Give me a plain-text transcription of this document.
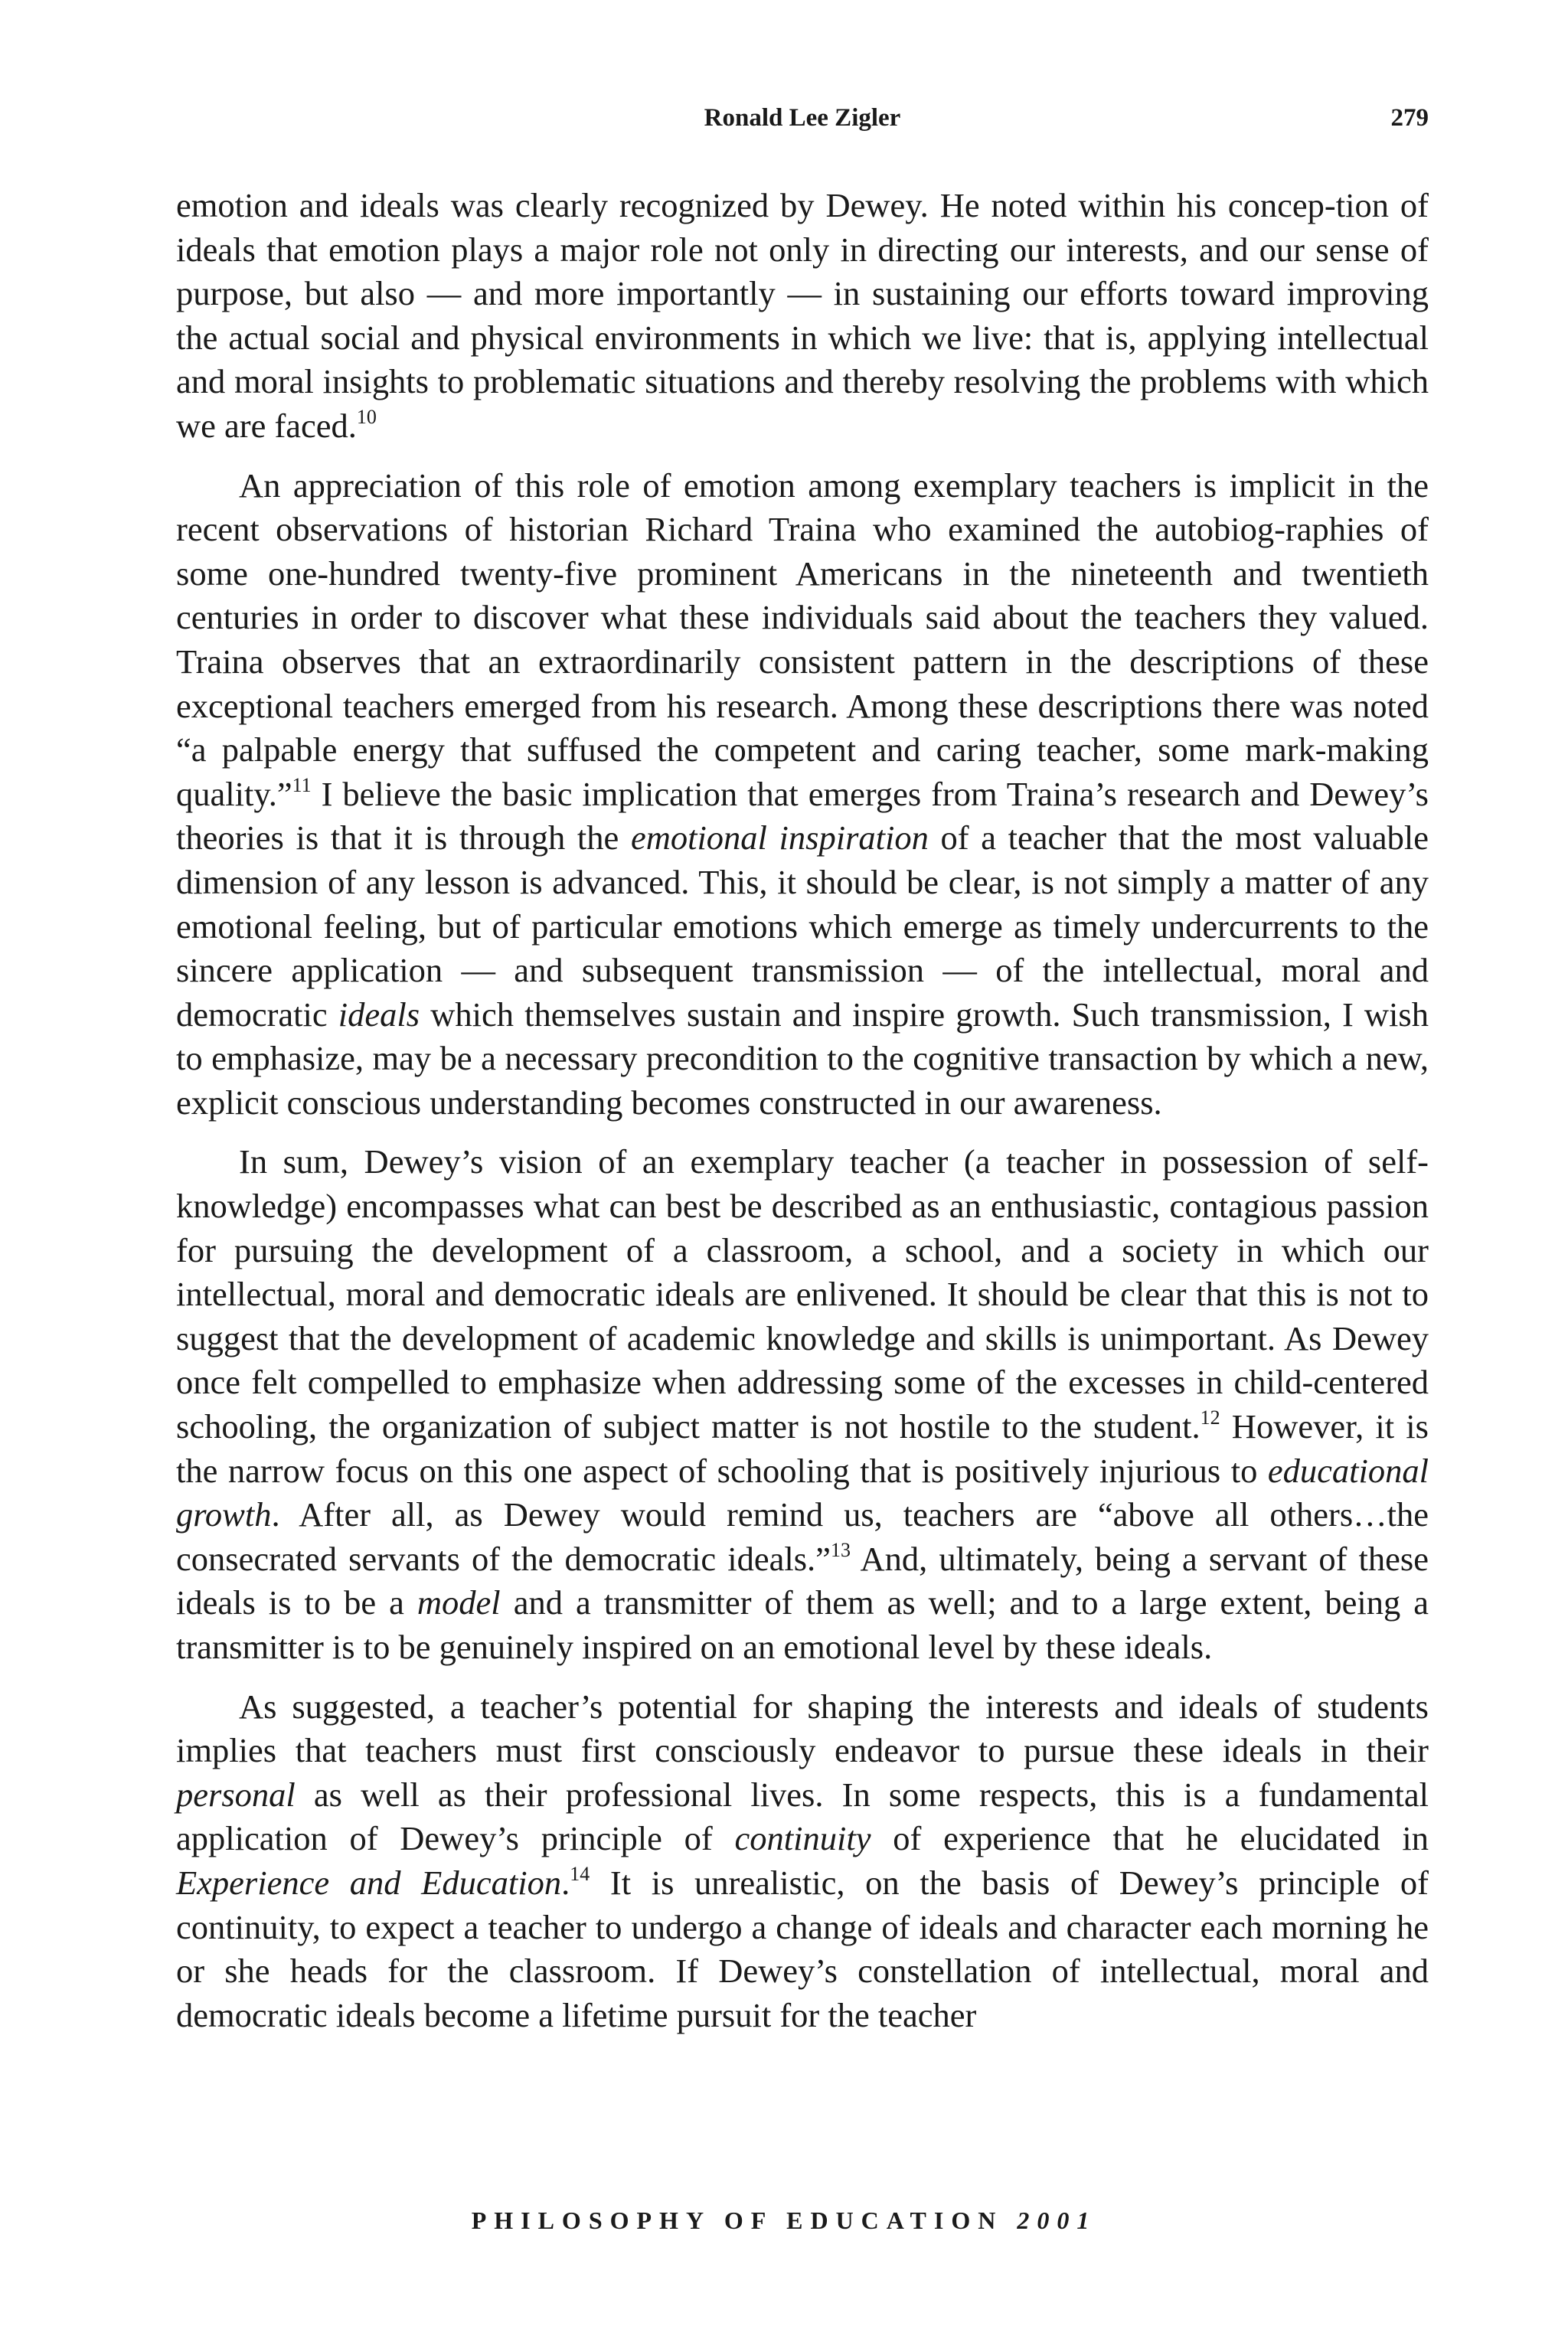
Ronald Lee Zigler	279

emotion and ideals was clearly recognized by Dewey. He noted within his concep-tion of ideals that emotion plays a major role not only in directing our interests, and our sense of purpose, but also — and more importantly — in sustaining our efforts toward improving the actual social and physical environments in which we live: that is, applying intellectual and moral insights to problematic situations and thereby resolving the problems with which we are faced.$^{10}$

An appreciation of this role of emotion among exemplary teachers is implicit in the recent observations of historian Richard Traina who examined the autobiog-raphies of some one-hundred twenty-five prominent Americans in the nineteenth and twentieth centuries in order to discover what these individuals said about the teachers they valued. Traina observes that an extraordinarily consistent pattern in the descriptions of these exceptional teachers emerged from his research. Among these descriptions there was noted “a palpable energy that suffused the competent and caring teacher, some mark-making quality.”$^{11}$ I believe the basic implication that emerges from Traina’s research and Dewey’s theories is that it is through the emotional inspiration of a teacher that the most valuable dimension of any lesson is advanced. This, it should be clear, is not simply a matter of any emotional feeling, but of particular emotions which emerge as timely undercurrents to the sincere application — and subsequent transmission — of the intellectual, moral and democratic ideals which themselves sustain and inspire growth. Such transmission, I wish to emphasize, may be a necessary precondition to the cognitive transaction by which a new, explicit conscious understanding becomes constructed in our awareness.

In sum, Dewey’s vision of an exemplary teacher (a teacher in possession of self-knowledge) encompasses what can best be described as an enthusiastic, contagious passion for pursuing the development of a classroom, a school, and a society in which our intellectual, moral and democratic ideals are enlivened. It should be clear that this is not to suggest that the development of academic knowledge and skills is unimportant. As Dewey once felt compelled to emphasize when addressing some of the excesses in child-centered schooling, the organization of subject matter is not hostile to the student.$^{12}$ However, it is the narrow focus on this one aspect of schooling that is positively injurious to educational growth. After all, as Dewey would remind us, teachers are “above all others…the consecrated servants of the democratic ideals.”$^{13}$ And, ultimately, being a servant of these ideals is to be a model and a transmitter of them as well; and to a large extent, being a transmitter is to be genuinely inspired on an emotional level by these ideals.

As suggested, a teacher’s potential for shaping the interests and ideals of students implies that teachers must first consciously endeavor to pursue these ideals in their personal as well as their professional lives. In some respects, this is a fundamental application of Dewey’s principle of continuity of experience that he elucidated in Experience and Education.$^{14}$ It is unrealistic, on the basis of Dewey’s principle of continuity, to expect a teacher to undergo a change of ideals and character each morning he or she heads for the classroom. If Dewey’s constellation of intellectual, moral and democratic ideals become a lifetime pursuit for the teacher

PHILOSOPHY OF EDUCATION 2001
